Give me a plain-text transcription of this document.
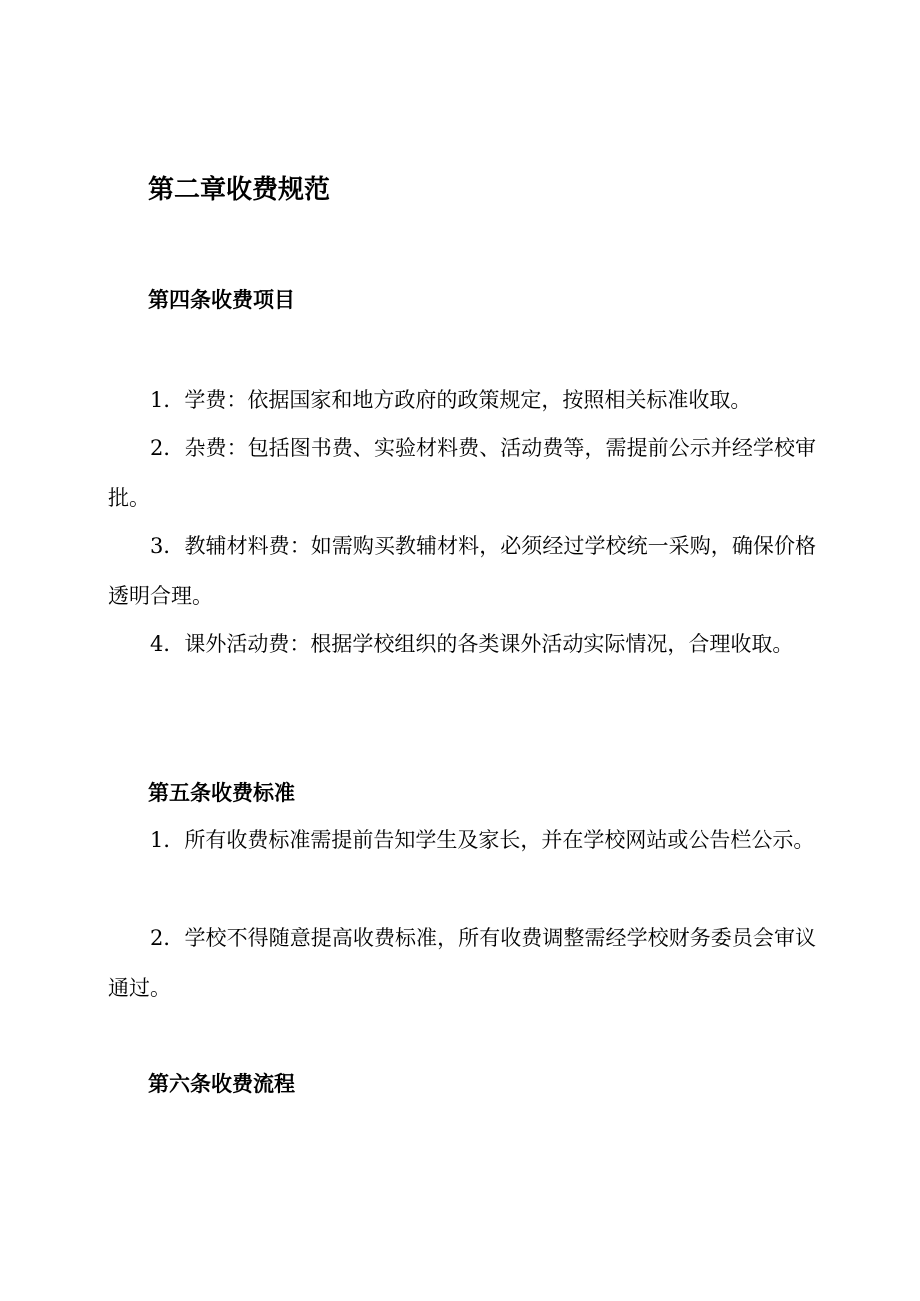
第二章收费规范
第四条收费项目

1．学费：依据国家和地方政府的政策规定，按照相关标准收取。

2．杂费：包括图书费、实验材料费、活动费等，需提前公示并经学校审批。

3．教辅材料费：如需购买教辅材料，必须经过学校统一采购，确保价格透明合理。

4．课外活动费：根据学校组织的各类课外活动实际情况，合理收取。

第五条收费标准

1．所有收费标准需提前告知学生及家长，并在学校网站或公告栏公示。

2．学校不得随意提高收费标准，所有收费调整需经学校财务委员会审议通过。

第六条收费流程
